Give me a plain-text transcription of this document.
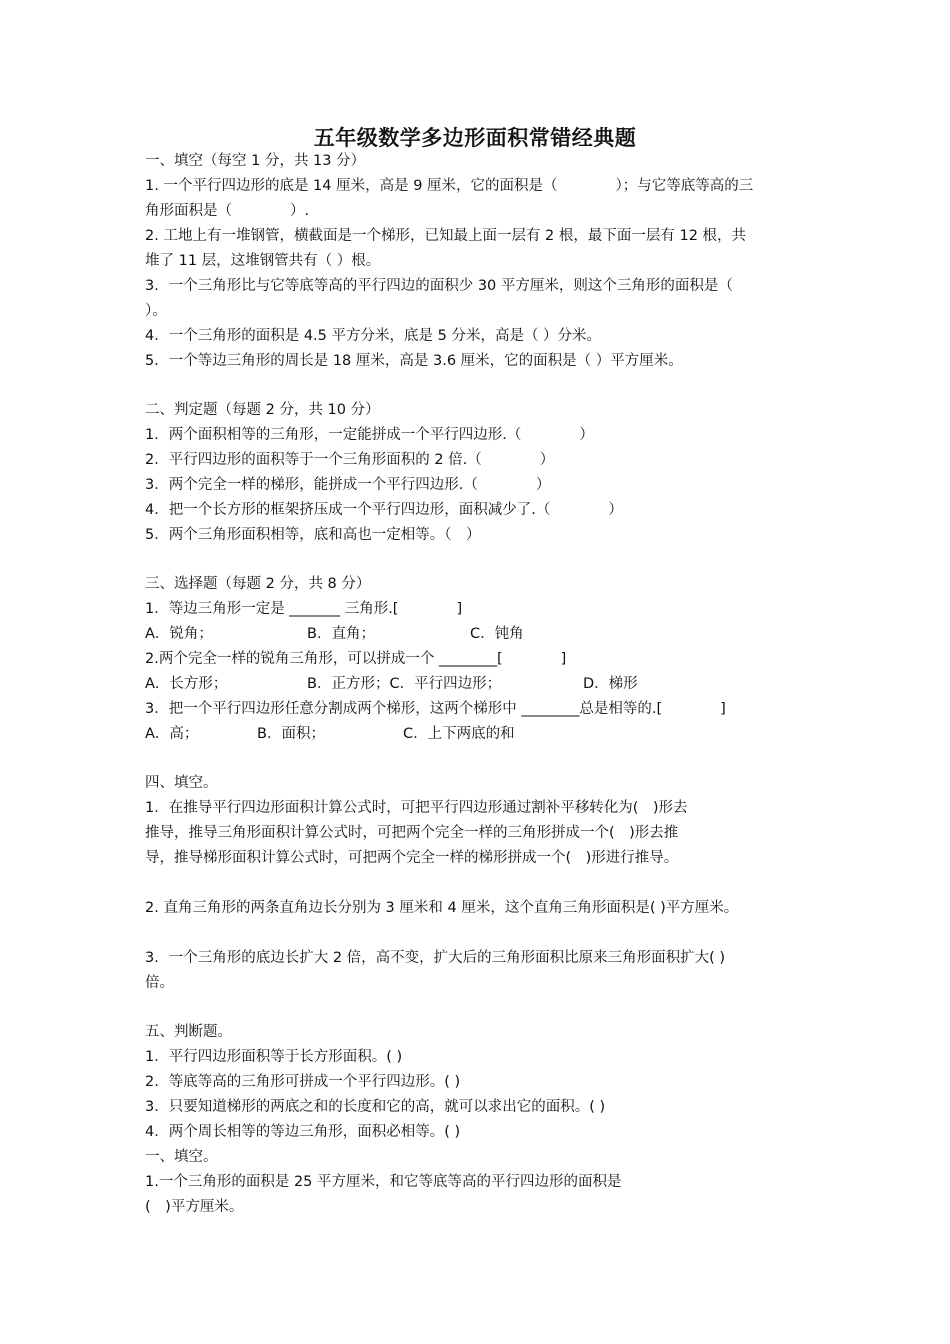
五年级数学多边形面积常错经典题
一、填空（每空 1 分，共 13 分）
1. 一个平行四边形的底是 14 厘米，高是 9 厘米，它的面积是（　　　　）；与它等底等高的三
角形面积是（　　　　）.
2. 工地上有一堆钢管，横截面是一个梯形，已知最上面一层有 2 根，最下面一层有 12 根，共
堆了 11 层，这堆钢管共有（ ）根。
3．一个三角形比与它等底等高的平行四边的面积少 30 平方厘米，则这个三角形的面积是（
）。
4．一个三角形的面积是 4.5 平方分米，底是 5 分米，高是（ ）分米。
5．一个等边三角形的周长是 18 厘米，高是 3.6 厘米，它的面积是（ ）平方厘米。
二、判定题（每题 2 分，共 10 分）
1．两个面积相等的三角形，一定能拼成一个平行四边形.（　　　　）
2．平行四边形的面积等于一个三角形面积的 2 倍.（　　　　）
3．两个完全一样的梯形，能拼成一个平行四边形.（　　　　）
4．把一个长方形的框架挤压成一个平行四边形，面积减少了.（　　　　）
5．两个三角形面积相等，底和高也一定相等。（　）
三、选择题（每题 2 分，共 8 分）
1．等边三角形一定是 _______ 三角形.[　　　　]
A．锐角；	B．直角；	C．钝角
2.两个完全一样的锐角三角形，可以拼成一个 ________[　　　　]
A．长方形；	B．正方形；C．平行四边形；	D．梯形
3．把一个平行四边形任意分割成两个梯形，这两个梯形中 ________总是相等的.[　　　　]
A．高；	B．面积；	C．上下两底的和
四、填空。
1．在推导平行四边形面积计算公式时，可把平行四边形通过割补平移转化为(　)形去
推导，推导三角形面积计算公式时，可把两个完全一样的三角形拼成一个(　)形去推
导，推导梯形面积计算公式时，可把两个完全一样的梯形拼成一个(　)形进行推导。
2. 直角三角形的两条直角边长分别为 3 厘米和 4 厘米，这个直角三角形面积是( )平方厘米。
3．一个三角形的底边长扩大 2 倍，高不变，扩大后的三角形面积比原来三角形面积扩大( )
倍。
五、判断题。
1．平行四边形面积等于长方形面积。( )
2．等底等高的三角形可拼成一个平行四边形。( )
3．只要知道梯形的两底之和的长度和它的高，就可以求出它的面积。( )
4．两个周长相等的等边三角形，面积必相等。( )
一、填空。
1.一个三角形的面积是 25 平方厘米，和它等底等高的平行四边形的面积是
(　)平方厘米。
